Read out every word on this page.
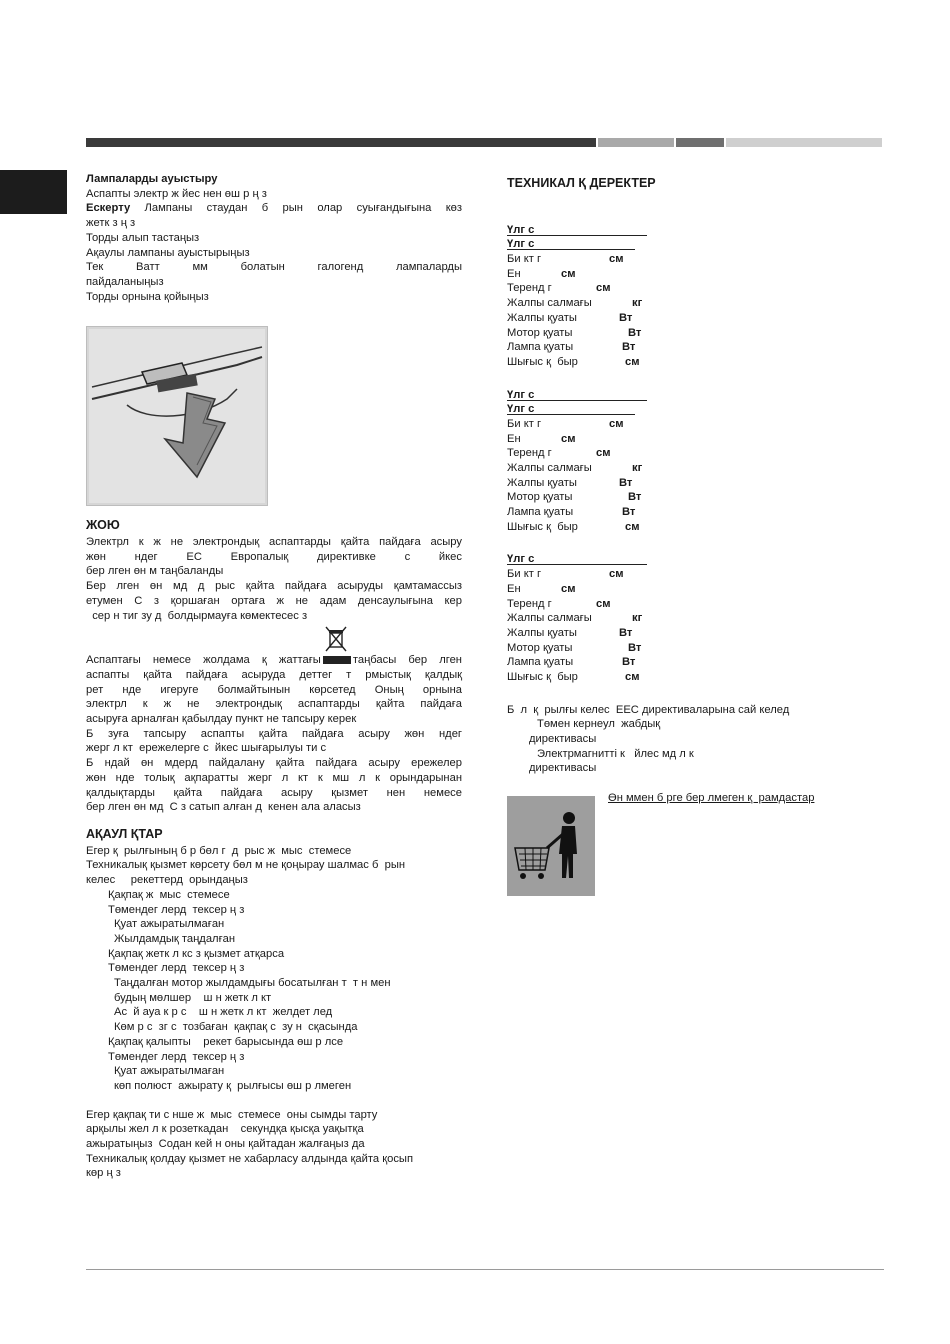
Лампаларды ауыстыру
Аспапты электр ж йес нен өш р ң з
Ескерту Лампаны стаудан б рын олар суығандығына көз
жетк з ң з
Торды алып тастаңыз
Ақаулы лампаны ауыстырыңыз
Тек Ватт мм болатын галогенд лампаларды
пайдаланыңыз
Торды орнына қойыңыз
ЖОЮ
Электрл к ж не электрондық аспаптарды қайта пайдаға асыру
жөн ндег ЕС Европалық директивке с йкес
бер лген өн м таңбаланды
Бер лген өн мд д рыс қайта пайдаға асыруды қамтамассыз
етумен С з қоршаған ортаға ж не адам денсаулығына кер
сер н тиг зу д  болдырмауға көмектесес з
Аспаптағы немесе жолдама қ жаттағы	таңбасы бер лген
аспапты қайта пайдаға асыруда деттег т рмыстық қалдық
рет нде игеруге болмайтынын көрсетед Оның орнына
электрл к ж не электрондық аспаптарды қайта пайдаға
асыруға арналған қабылдау пункт не тапсыру керек
Б зуға тапсыру аспапты қайта пайдаға асыру жөн ндег
жерг л кт  ережелерге с  йкес шығарылуы ти с
Б ндай өн мдерд пайдалану қайта пайдаға асыру ережелер
жөн нде толық ақпаратты жерг л кт к мш л к орындарынан
қалдықтарды қайта пайдаға асыру қызмет нен немесе
бер лген өн мд  С з сатып алған д  кенен ала аласыз
АҚАУЛ ҚТАР
Егер қ  рылғының б р бөл г  д  рыс ж  мыс  стемесе
Техникалық қызмет көрсету бөл м не қоңырау шалмас б  рын
келес     рекеттерд  орындаңыз
Қақпақ ж  мыс  стемесе
Төмендег лерд  тексер ң з
Қуат ажыратылмаған
Жылдамдық таңдалған
Қақпақ жетк л кс з қызмет атқарса
Төмендег лерд  тексер ң з
Таңдалған мотор жылдамдығы босатылған т  т н мен
будың мөлшер    ш н жетк л кт
Ас  й ауа к р с    ш н жетк л кт  желдет лед
Көм р с  зг с  тозбаған  қақпақ с  зу н  сқасында
Қақпақ қалыпты    рекет барысында өш р лсе
Төмендег лерд  тексер ң з
Қуат ажыратылмаған
көп полюст  ажырату қ  рылғысы өш р лмеген
Егер қақпақ ти с нше ж  мыс  стемесе  оны сымды тарту
арқылы жел л к розеткадан    секундқа қысқа уақытқа
ажыратыңыз  Содан кей н оны қайтадан жалғаңыз да
Техникалық қолдау қызмет не хабарласу алдында қайта қосып
көр ң з
ТЕХНИКАЛ Қ ДЕРЕКТЕР
Үлг с
Үлг с
Би кт г	см
Ен	см
Теренд г	см
Жалпы салмағы	кг
Жалпы қуаты	Вт
Мотор қуаты	Вт
Лампа қуаты	Вт
Шығыс қ  быр	см
Үлг с
Үлг с
Би кт г	см
Ен	см
Теренд г	см
Жалпы салмағы	кг
Жалпы қуаты	Вт
Мотор қуаты	Вт
Лампа қуаты	Вт
Шығыс қ  быр	см
Үлг с
Би кт г	см
Ен	см
Теренд г	см
Жалпы салмағы	кг
Жалпы қуаты	Вт
Мотор қуаты	Вт
Лампа қуаты	Вт
Шығыс қ  быр	см
Б  л  қ  рылғы келес  ЕЕС директиваларына сай келед
Төмен кернеул  жабдық
директивасы
Электрмагниттi к   йлес мд л к
директивасы
Өн ммен б рге бер лмеген қ  рамдастар
